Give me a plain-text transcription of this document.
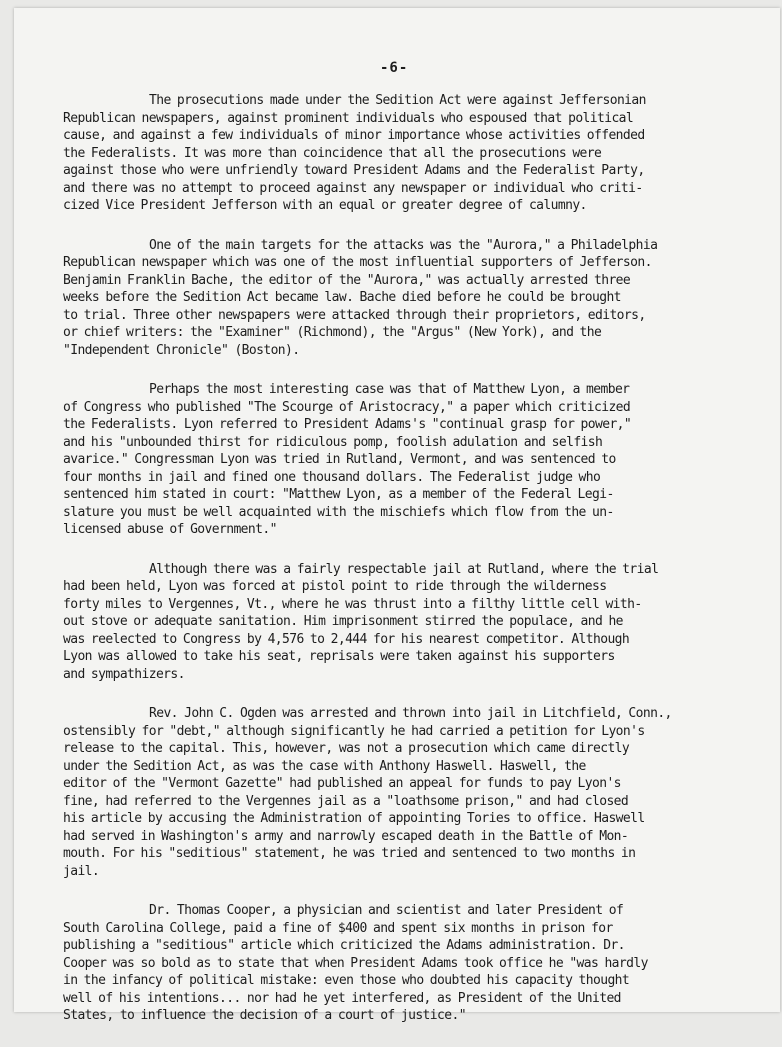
-6-

The prosecutions made under the Sedition Act were against Jeffersonian
Republican newspapers, against prominent individuals who espoused that political
cause, and against a few individuals of minor importance whose activities offended
the Federalists. It was more than coincidence that all the prosecutions were
against those who were unfriendly toward President Adams and the Federalist Party,
and there was no attempt to proceed against any newspaper or individual who criti-
cized Vice President Jefferson with an equal or greater degree of calumny.

One of the main targets for the attacks was the "Aurora," a Philadelphia
Republican newspaper which was one of the most influential supporters of Jefferson.
Benjamin Franklin Bache, the editor of the "Aurora," was actually arrested three
weeks before the Sedition Act became law. Bache died before he could be brought
to trial. Three other newspapers were attacked through their proprietors, editors,
or chief writers: the "Examiner" (Richmond), the "Argus" (New York), and the
"Independent Chronicle" (Boston).

Perhaps the most interesting case was that of Matthew Lyon, a member
of Congress who published "The Scourge of Aristocracy," a paper which criticized
the Federalists. Lyon referred to President Adams's "continual grasp for power,"
and his "unbounded thirst for ridiculous pomp, foolish adulation and selfish
avarice." Congressman Lyon was tried in Rutland, Vermont, and was sentenced to
four months in jail and fined one thousand dollars. The Federalist judge who
sentenced him stated in court: "Matthew Lyon, as a member of the Federal Legi-
slature you must be well acquainted with the mischiefs which flow from the un-
licensed abuse of Government."

Although there was a fairly respectable jail at Rutland, where the trial
had been held, Lyon was forced at pistol point to ride through the wilderness
forty miles to Vergennes, Vt., where he was thrust into a filthy little cell with-
out stove or adequate sanitation. Him imprisonment stirred the populace, and he
was reelected to Congress by 4,576 to 2,444 for his nearest competitor. Although
Lyon was allowed to take his seat, reprisals were taken against his supporters
and sympathizers.

Rev. John C. Ogden was arrested and thrown into jail in Litchfield, Conn.,
ostensibly for "debt," although significantly he had carried a petition for Lyon's
release to the capital. This, however, was not a prosecution which came directly
under the Sedition Act, as was the case with Anthony Haswell. Haswell, the
editor of the "Vermont Gazette" had published an appeal for funds to pay Lyon's
fine, had referred to the Vergennes jail as a "loathsome prison," and had closed
his article by accusing the Administration of appointing Tories to office. Haswell
had served in Washington's army and narrowly escaped death in the Battle of Mon-
mouth. For his "seditious" statement, he was tried and sentenced to two months in
jail.

Dr. Thomas Cooper, a physician and scientist and later President of
South Carolina College, paid a fine of $400 and spent six months in prison for
publishing a "seditious" article which criticized the Adams administration. Dr.
Cooper was so bold as to state that when President Adams took office he "was hardly
in the infancy of political mistake: even those who doubted his capacity thought
well of his intentions... nor had he yet interfered, as President of the United
States, to influence the decision of a court of justice."
